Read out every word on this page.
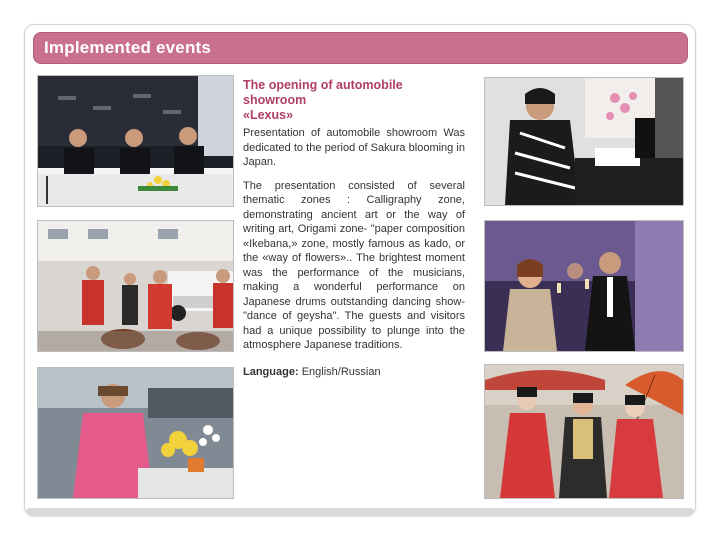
Implemented events
The opening of automobile
showroom
«Lexus»

Presentation of automobile showroom Was dedicated to the period of Sakura blooming in Japan.

The presentation consisted of several thematic zones : Calligraphy zone, demonstrating ancient art or the way of writing art, Origami zone- "paper composition «Ikebana,» zone, mostly famous as kado, or the «way of flowers».. The brightest moment was the performance of the musicians, making a wonderful performance on Japanese drums outstanding dancing show- "dance of geysha". The guests and visitors had a unique possibility to plunge into the atmosphere Japanese traditions.

Language: English/Russian
